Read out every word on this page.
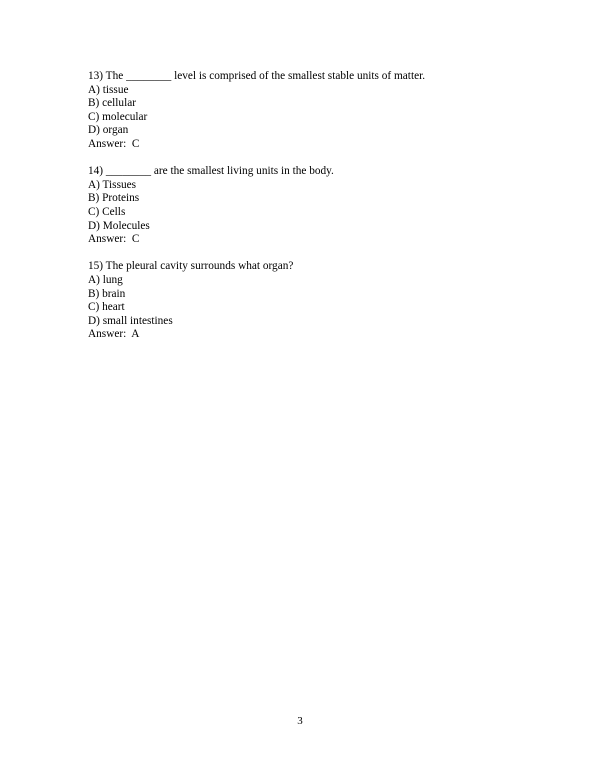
13) The ________ level is comprised of the smallest stable units of matter.
A) tissue
B) cellular
C) molecular
D) organ
Answer:  C
14) ________ are the smallest living units in the body.
A) Tissues
B) Proteins
C) Cells
D) Molecules
Answer:  C
15) The pleural cavity surrounds what organ?
A) lung
B) brain
C) heart
D) small intestines
Answer:  A
3
